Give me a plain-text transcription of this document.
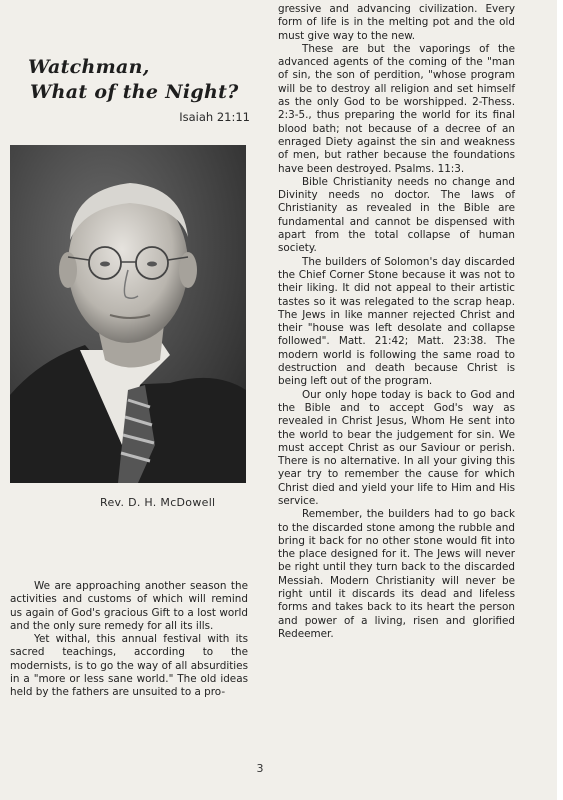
Watchman,
What of the Night?
Isaiah 21:11
Rev. D. H. McDowell

We are approaching another season the activities and customs of which will remind us again of God's gracious Gift to a lost world and the only sure remedy for all its ills.

Yet withal, this annual festival with its sacred teachings, according to the modernists, is to go the way of all absurdities in a "more or less sane world." The old ideas held by the fathers are unsuited to a pro-

gressive and advancing civilization. Every form of life is in the melting pot and the old must give way to the new.

These are but the vaporings of the advanced agents of the coming of the "man of sin, the son of perdition, "whose program will be to destroy all religion and set himself as the only God to be worshipped. 2-Thess. 2:3-5., thus preparing the world for its final blood bath; not because of a decree of an enraged Diety against the sin and weakness of men, but rather because the foundations have been destroyed. Psalms. 11:3.

Bible Christianity needs no change and Divinity needs no doctor. The laws of Christianity as revealed in the Bible are fundamental and cannot be dispensed with apart from the total collapse of human society.

The builders of Solomon's day discarded the Chief Corner Stone because it was not to their liking. It did not appeal to their artistic tastes so it was relegated to the scrap heap. The Jews in like manner rejected Christ and their "house was left desolate and collapse followed". Matt. 21:42; Matt. 23:38. The modern world is following the same road to destruction and death because Christ is being left out of the program.

Our only hope today is back to God and the Bible and to accept God's way as revealed in Christ Jesus, Whom He sent into the world to bear the judgement for sin. We must accept Christ as our Saviour or perish. There is no alternative. In all your giving this year try to remember the cause for which Christ died and yield your life to Him and His service.

Remember, the builders had to go back to the discarded stone among the rubble and bring it back for no other stone would fit into the place designed for it. The Jews will never be right until they turn back to the discarded Messiah. Modern Christianity will never be right until it discards its dead and lifeless forms and takes back to its heart the person and power of a living, risen and glorified Redeemer.

3
